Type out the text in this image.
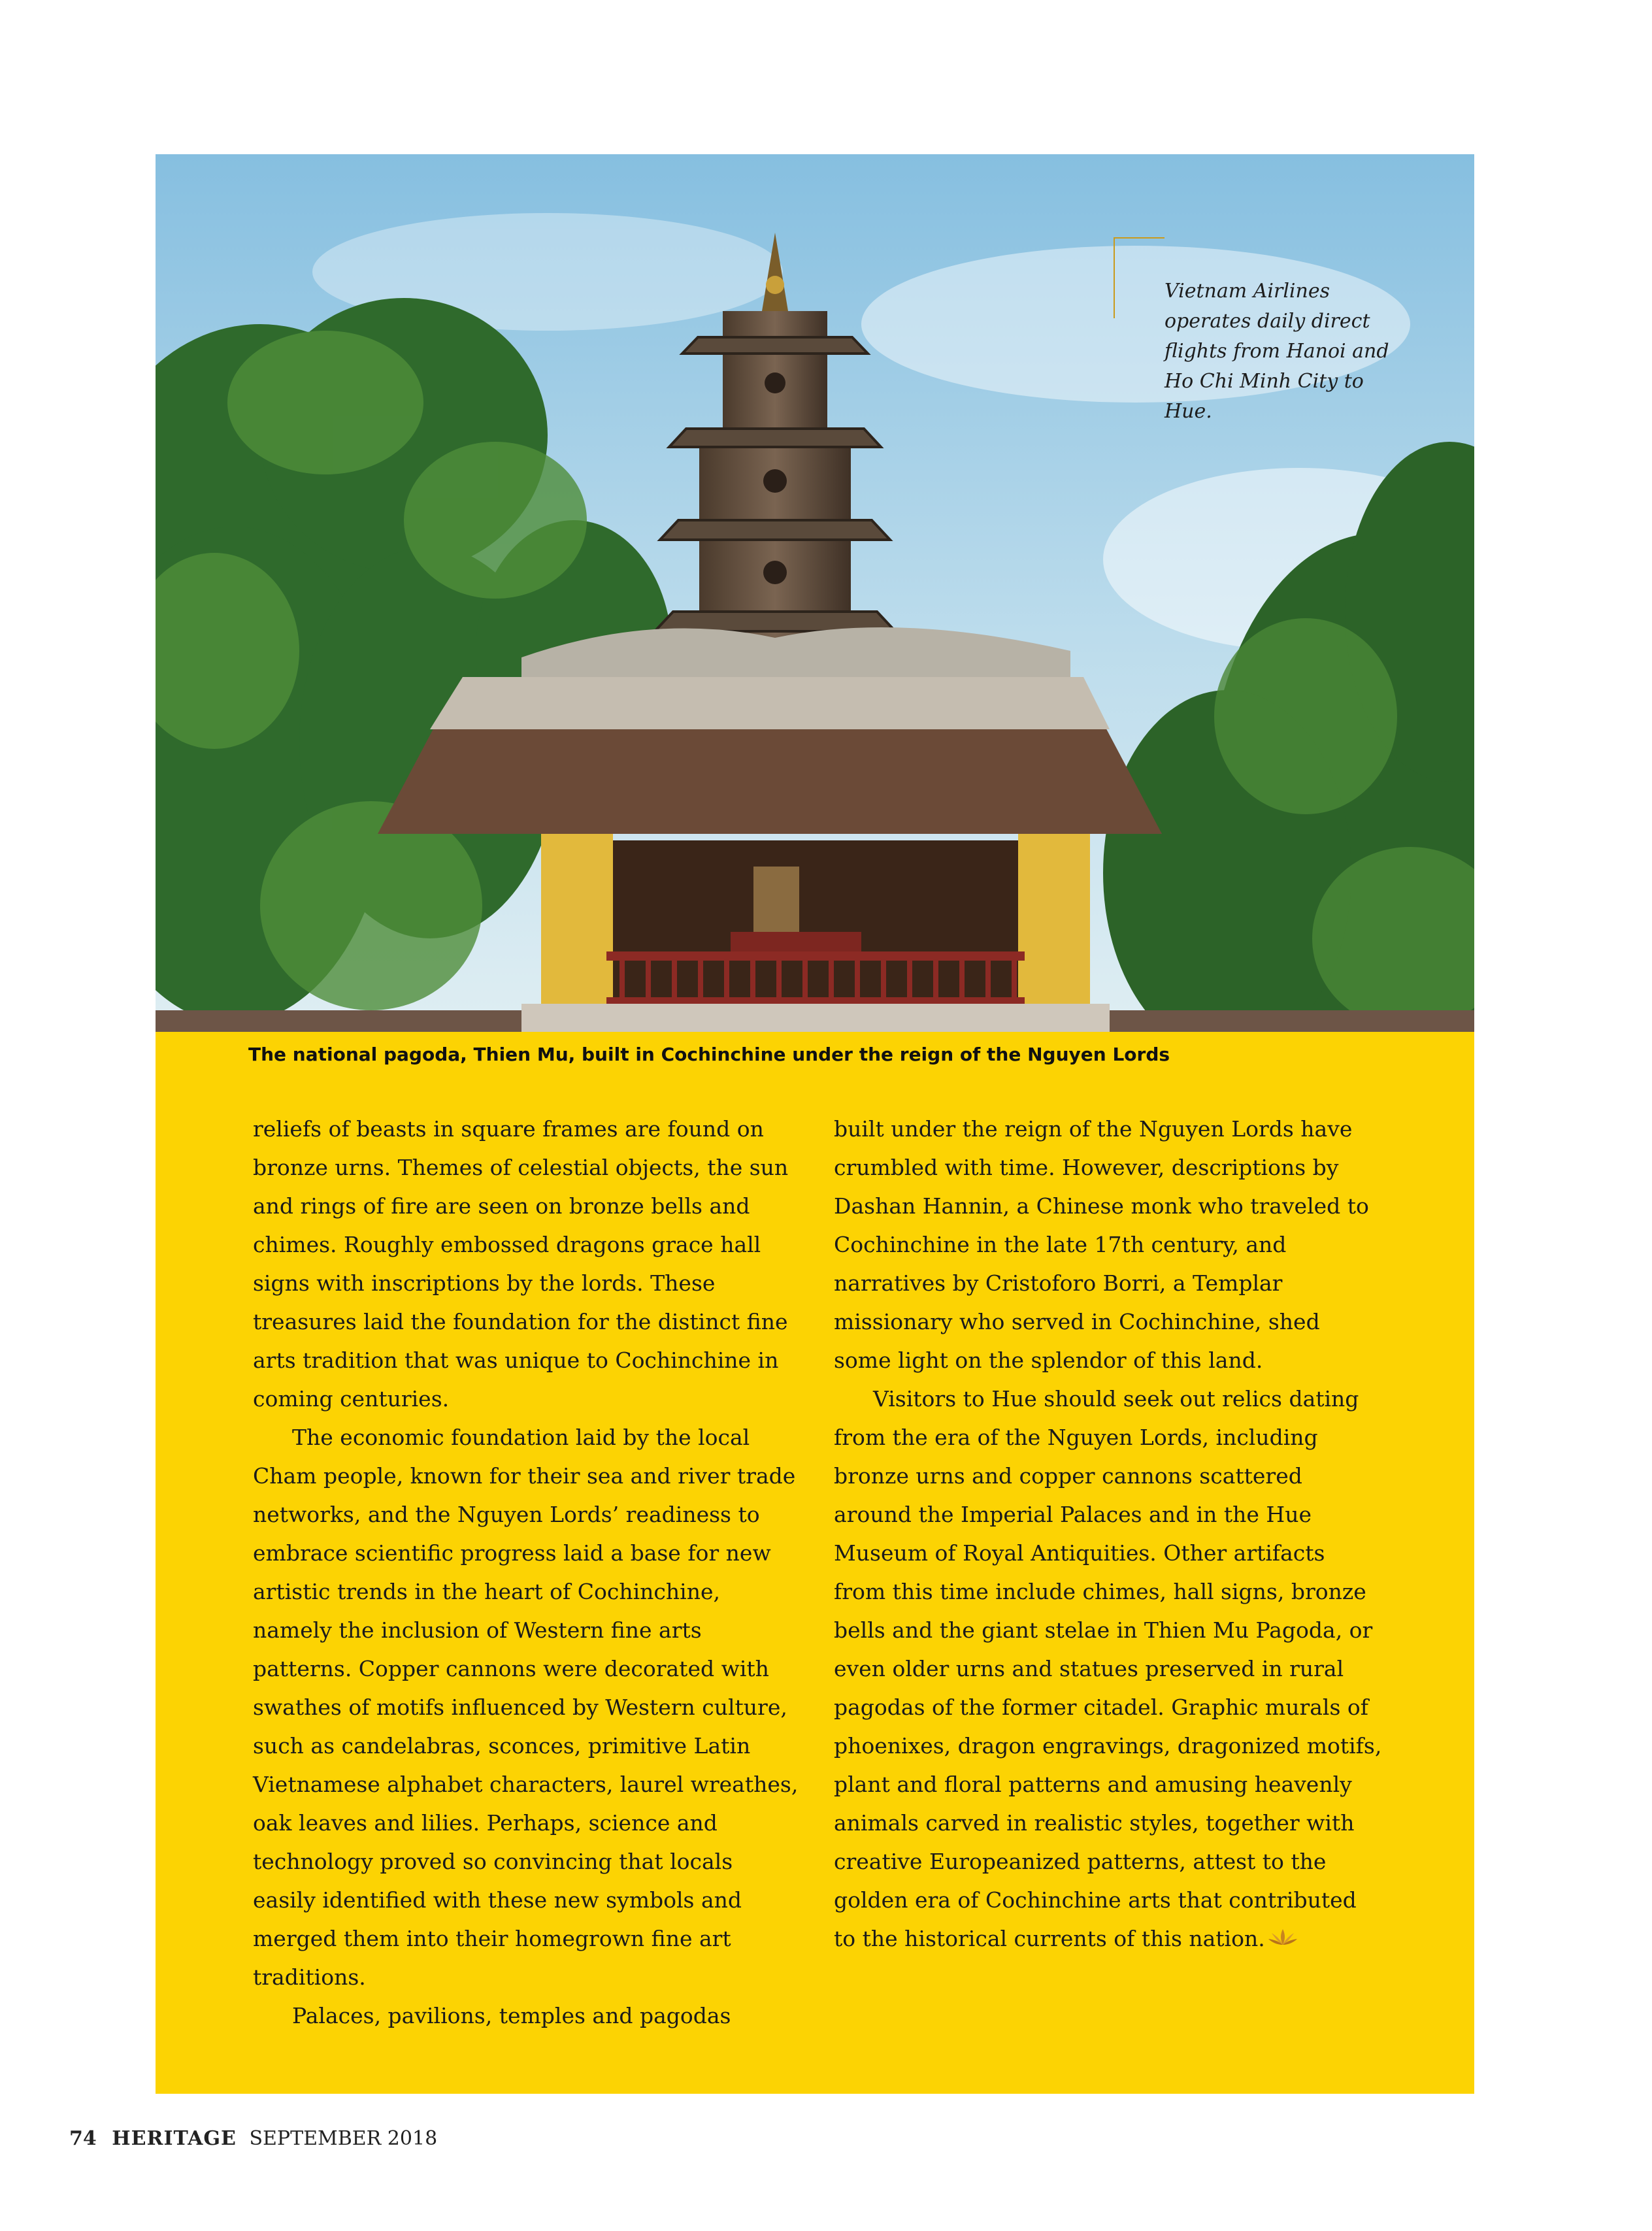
Vietnam Airlines operates daily direct flights from Hanoi and Ho Chi Minh City to Hue.
The national pagoda, Thien Mu, built in Cochinchine under the reign of the Nguyen Lords

reliefs of beasts in square frames are found on bronze urns. Themes of celestial objects, the sun and rings of fire are seen on bronze bells and chimes. Roughly embossed dragons grace hall signs with inscriptions by the lords. These treasures laid the foundation for the distinct fine arts tradition that was unique to Cochinchine in coming centuries.

The economic foundation laid by the local Cham people, known for their sea and river trade networks, and the Nguyen Lords’ readiness to embrace scientific progress laid a base for new artistic trends in the heart of Cochinchine, namely the inclusion of Western fine arts patterns. Copper cannons were decorated with swathes of motifs influenced by Western culture, such as candelabras, sconces, primitive Latin Vietnamese alphabet characters, laurel wreathes, oak leaves and lilies. Perhaps, science and technology proved so convincing that locals easily identified with these new symbols and merged them into their homegrown fine art traditions.

Palaces, pavilions, temples and pagodas

built under the reign of the Nguyen Lords have crumbled with time. However, descriptions by Dashan Hannin, a Chinese monk who traveled to Cochinchine in the late 17th century, and narratives by Cristoforo Borri, a Templar missionary who served in Cochinchine, shed some light on the splendor of this land.

Visitors to Hue should seek out relics dating from the era of the Nguyen Lords, including bronze urns and copper cannons scattered around the Imperial Palaces and in the Hue Museum of Royal Antiquities. Other artifacts from this time include chimes, hall signs, bronze bells and the giant stelae in Thien Mu Pagoda, or even older urns and statues preserved in rural pagodas of the former citadel. Graphic murals of phoenixes, dragon engravings, dragonized motifs, plant and floral patterns and amusing heavenly animals carved in realistic styles, together with creative Europeanized patterns, attest to the golden era of Cochinchine arts that contributed to the historical currents of this nation.

74 HERITAGE SEPTEMBER 2018
